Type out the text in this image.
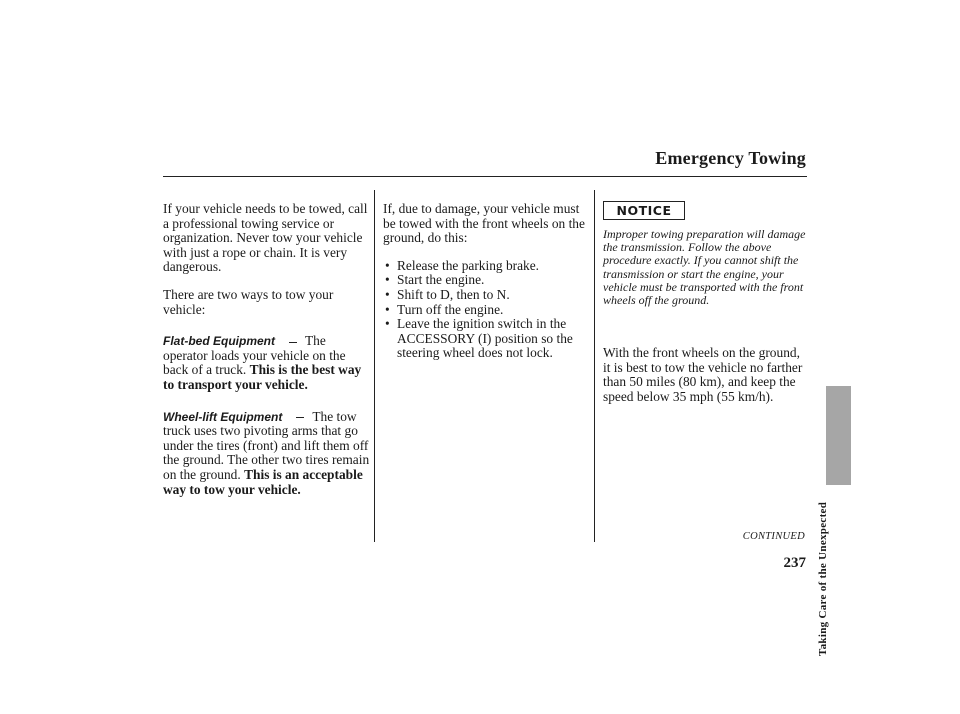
Emergency Towing

If your vehicle needs to be towed, call a professional towing service or organization. Never tow your vehicle with just a rope or chain. It is very dangerous.

There are two ways to tow your vehicle:

Flat-bed Equipment The operator loads your vehicle on the back of a truck. This is the best way to transport your vehicle.

Wheel-lift Equipment The tow truck uses two pivoting arms that go under the tires (front) and lift them off the ground. The other two tires remain on the ground. This is an acceptable way to tow your vehicle.

If, due to damage, your vehicle must be towed with the front wheels on the ground, do this:

• Release the parking brake.
• Start the engine.
• Shift to D, then to N.
• Turn off the engine.
• Leave the ignition switch in the ACCESSORY (I) position so the steering wheel does not lock.
NOTICE
Improper towing preparation will damage the transmission. Follow the above procedure exactly. If you cannot shift the transmission or start the engine, your vehicle must be transported with the front wheels off the ground.
With the front wheels on the ground, it is best to tow the vehicle no farther than 50 miles (80 km), and keep the speed below 35 mph (55 km/h).
CONTINUED Taking Care of the Unexpected
237
